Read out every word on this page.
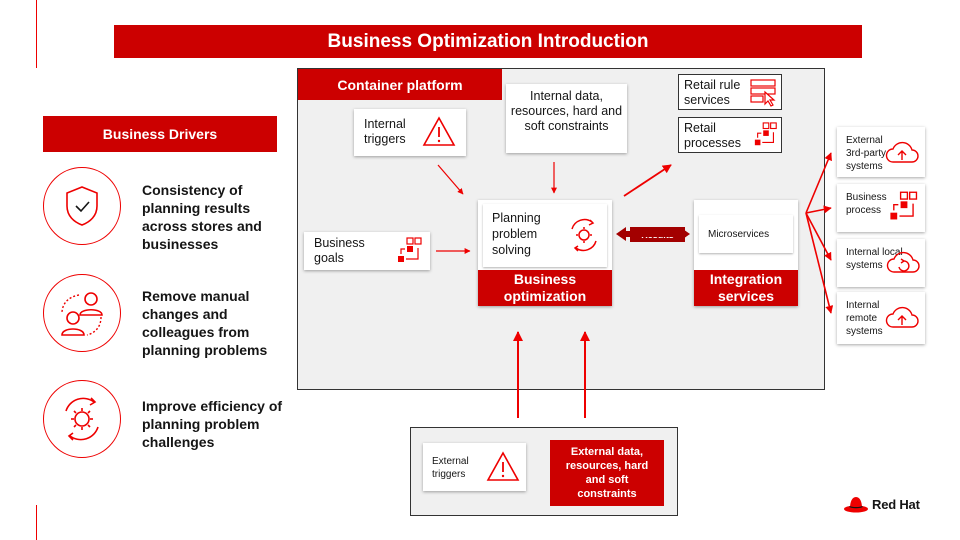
Business Optimization Introduction
Business Drivers
Consistency of planning results across stores and businesses
Remove manual changes and colleagues from planning problems
Improve efficiency of planning problem challenges
Container platform
Internal triggers
Internal data, resources, hard and soft constraints
Business goals
Planning problem solving
Business optimization
Microservices
Integration services
Results
Retail rule services
Retail processes	External 3rd-party systems
Business process
Internal local systems
Internal remote systems
External triggers
External data, resources, hard and soft constraints
Red Hat
